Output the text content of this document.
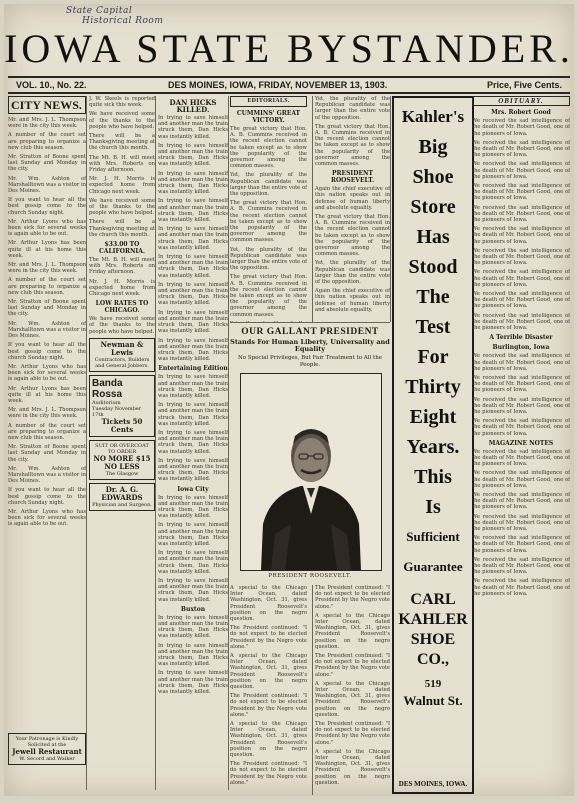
State Capital
Historical Room
IOWA STATE BYSTANDER.
VOL. 10., No. 22.	DES MOINES, IOWA, FRIDAY, NOVEMBER 13, 1903.	Price, Five Cents.
CITY NEWS.

Mr. and Mrs. J. L. Thompson were in the city this week.

A number of the court set are preparing to organize a new club this season.

Mr. Stratton of Boone spent last Sunday and Monday in the city.

Mr. Wm. Ashton of Marshalltown was a visitor in Des Moines.

If you want to hear all the best gossip come to the church Sunday night.

Mr. Arthur Lyons who has been sick for several weeks is again able to be out.

Mr. Arthur Lyons has been quite ill at his home this week.

Mr. and Mrs. J. L. Thompson were in the city this week.

A number of the court set are preparing to organize a new club this season.

Mr. Stratton of Boone spent last Sunday and Monday in the city.

Mr. Wm. Ashton of Marshalltown was a visitor in Des Moines.

If you want to hear all the best gossip come to the church Sunday night.

Mr. Arthur Lyons who has been sick for several weeks is again able to be out.

Mr. Arthur Lyons has been quite ill at his home this week.

Mr. and Mrs. J. L. Thompson were in the city this week.

A number of the court set are preparing to organize a new club this season.

Mr. Stratton of Boone spent last Sunday and Monday in the city.

Mr. Wm. Ashton of Marshalltown was a visitor in Des Moines.

If you want to hear all the best gossip come to the church Sunday night.

Mr. Arthur Lyons who has been sick for several weeks is again able to be out.

Your Patronage is Kindly Solicited at the
Jewell Restaurant
W. Secord and Walker

J. W. Skeels is reported quite sick this week.

We have received some of the thanks to the people who have helped.

There will be a Thanksgiving meeting at the church this month.

The Mt. B. H. will meet with Mrs. Roberts on Friday afternoon.

Mr. J. H. Morris is expected home from Chicago next week.

We have received some of the thanks to the people who have helped.

There will be a Thanksgiving meeting at the church this month.

$33.00 TO CALIFORNIA.

The Mt. B. H. will meet with Mrs. Roberts on Friday afternoon.

Mr. J. H. Morris is expected home from Chicago next week.

LOW RATES TO CHICAGO.

We have received some of the thanks to the people who have helped.

Newman & Lewis
Contractors, Builders and General Jobbers.
Banda Rossa
Auditorium
Tuesday November 17th
Tickets 50 Cents
SUIT OR OVERCOAT TO ORDER
NO MORE $15 NO LESS
The Glasgow
Dr. A. G. EDWARDS
Physician and Surgeon.
DAN HICKS KILLED.

In trying to save himself and another man the train struck them, Dan Hicks was instantly killed.

In trying to save himself and another man the train struck them, Dan Hicks was instantly killed.

In trying to save himself and another man the train struck them, Dan Hicks was instantly killed.

In trying to save himself and another man the train struck them, Dan Hicks was instantly killed.

In trying to save himself and another man the train struck them, Dan Hicks was instantly killed.

In trying to save himself and another man the train struck them, Dan Hicks was instantly killed.

In trying to save himself and another man the train struck them, Dan Hicks was instantly killed.

In trying to save himself and another man the train struck them, Dan Hicks was instantly killed.

In trying to save himself and another man the train struck them, Dan Hicks was instantly killed.

Entertaining Edition

In trying to save himself and another man the train struck them, Dan Hicks was instantly killed.

In trying to save himself and another man the train struck them, Dan Hicks was instantly killed.

In trying to save himself and another man the train struck them, Dan Hicks was instantly killed.

In trying to save himself and another man the train struck them, Dan Hicks was instantly killed.

Iowa City

In trying to save himself and another man the train struck them, Dan Hicks was instantly killed.

In trying to save himself and another man the train struck them, Dan Hicks was instantly killed.

In trying to save himself and another man the train struck them, Dan Hicks was instantly killed.

In trying to save himself and another man the train struck them, Dan Hicks was instantly killed.

Buxton

In trying to save himself and another man the train struck them, Dan Hicks was instantly killed.

In trying to save himself and another man the train struck them, Dan Hicks was instantly killed.

In trying to save himself and another man the train struck them, Dan Hicks was instantly killed.

EDITORIALS.
CUMMINS' GREAT VICTORY.

The great victory that Hon. A. B. Cummins received in the recent election cannot be taken except as to show the popularity of the governor among the common masses.

Yet, the plurality of the Republican candidate was larger than the entire vote of the opposition.

The great victory that Hon. A. B. Cummins received in the recent election cannot be taken except as to show the popularity of the governor among the common masses.

Yet, the plurality of the Republican candidate was larger than the entire vote of the opposition.

The great victory that Hon. A. B. Cummins received in the recent election cannot be taken except as to show the popularity of the governor among the common masses.

Yet, the plurality of the Republican candidate was larger than the entire vote of the opposition.

The great victory that Hon. A. B. Cummins received in the recent election cannot be taken except as to show the popularity of the governor among the common masses.

PRESIDENT ROOSEVELT.

Again the chief executive of this nation speaks out in defense of human liberty and absolute equality.

The great victory that Hon. A. B. Cummins received in the recent election cannot be taken except as to show the popularity of the governor among the common masses.

Yet, the plurality of the Republican candidate was larger than the entire vote of the opposition.

Again the chief executive of this nation speaks out in defense of human liberty and absolute equality.

OUR GALLANT PRESIDENT
Stands For Human Liberty, Universality and Equality
No Special Privileges, But Fair Treatment to All the People.
PRESIDENT ROOSEVELT.

A special to the Chicago Inter Ocean, dated Washington, Oct. 31, gives President Roosevelt's position on the negro question.

The President continued: "I do not expect to be elected President by the Negro vote alone."

A special to the Chicago Inter Ocean, dated Washington, Oct. 31, gives President Roosevelt's position on the negro question.

The President continued: "I do not expect to be elected President by the Negro vote alone."

A special to the Chicago Inter Ocean, dated Washington, Oct. 31, gives President Roosevelt's position on the negro question.

The President continued: "I do not expect to be elected President by the Negro vote alone."

The President continued: "I do not expect to be elected President by the Negro vote alone."

A special to the Chicago Inter Ocean, dated Washington, Oct. 31, gives President Roosevelt's position on the negro question.

The President continued: "I do not expect to be elected President by the Negro vote alone."

A special to the Chicago Inter Ocean, dated Washington, Oct. 31, gives President Roosevelt's position on the negro question.

The President continued: "I do not expect to be elected President by the Negro vote alone."

A special to the Chicago Inter Ocean, dated Washington, Oct. 31, gives President Roosevelt's position on the negro question.

Kahler's
Big
Shoe
Store
Has
Stood
The
Test
For
Thirty
Eight
Years.
This
Is
Sufficient
Guarantee
CARL
KAHLER
SHOE
CO.,
519
Walnut St.
DES MOINES, IOWA.
OBITUARY.
Mrs. Robert Good

We received the sad intelligence of the death of Mr. Robert Good, one of the pioneers of Iowa.

We received the sad intelligence of the death of Mr. Robert Good, one of the pioneers of Iowa.

We received the sad intelligence of the death of Mr. Robert Good, one of the pioneers of Iowa.

We received the sad intelligence of the death of Mr. Robert Good, one of the pioneers of Iowa.

We received the sad intelligence of the death of Mr. Robert Good, one of the pioneers of Iowa.

We received the sad intelligence of the death of Mr. Robert Good, one of the pioneers of Iowa.

We received the sad intelligence of the death of Mr. Robert Good, one of the pioneers of Iowa.

We received the sad intelligence of the death of Mr. Robert Good, one of the pioneers of Iowa.

We received the sad intelligence of the death of Mr. Robert Good, one of the pioneers of Iowa.

We received the sad intelligence of the death of Mr. Robert Good, one of the pioneers of Iowa.

A Terrible Disaster
Burlington, Iowa

We received the sad intelligence of the death of Mr. Robert Good, one of the pioneers of Iowa.

We received the sad intelligence of the death of Mr. Robert Good, one of the pioneers of Iowa.

We received the sad intelligence of the death of Mr. Robert Good, one of the pioneers of Iowa.

We received the sad intelligence of the death of Mr. Robert Good, one of the pioneers of Iowa.

MAGAZINE NOTES

We received the sad intelligence of the death of Mr. Robert Good, one of the pioneers of Iowa.

We received the sad intelligence of the death of Mr. Robert Good, one of the pioneers of Iowa.

We received the sad intelligence of the death of Mr. Robert Good, one of the pioneers of Iowa.

We received the sad intelligence of the death of Mr. Robert Good, one of the pioneers of Iowa.

We received the sad intelligence of the death of Mr. Robert Good, one of the pioneers of Iowa.

We received the sad intelligence of the death of Mr. Robert Good, one of the pioneers of Iowa.

We received the sad intelligence of the death of Mr. Robert Good, one of the pioneers of Iowa.
